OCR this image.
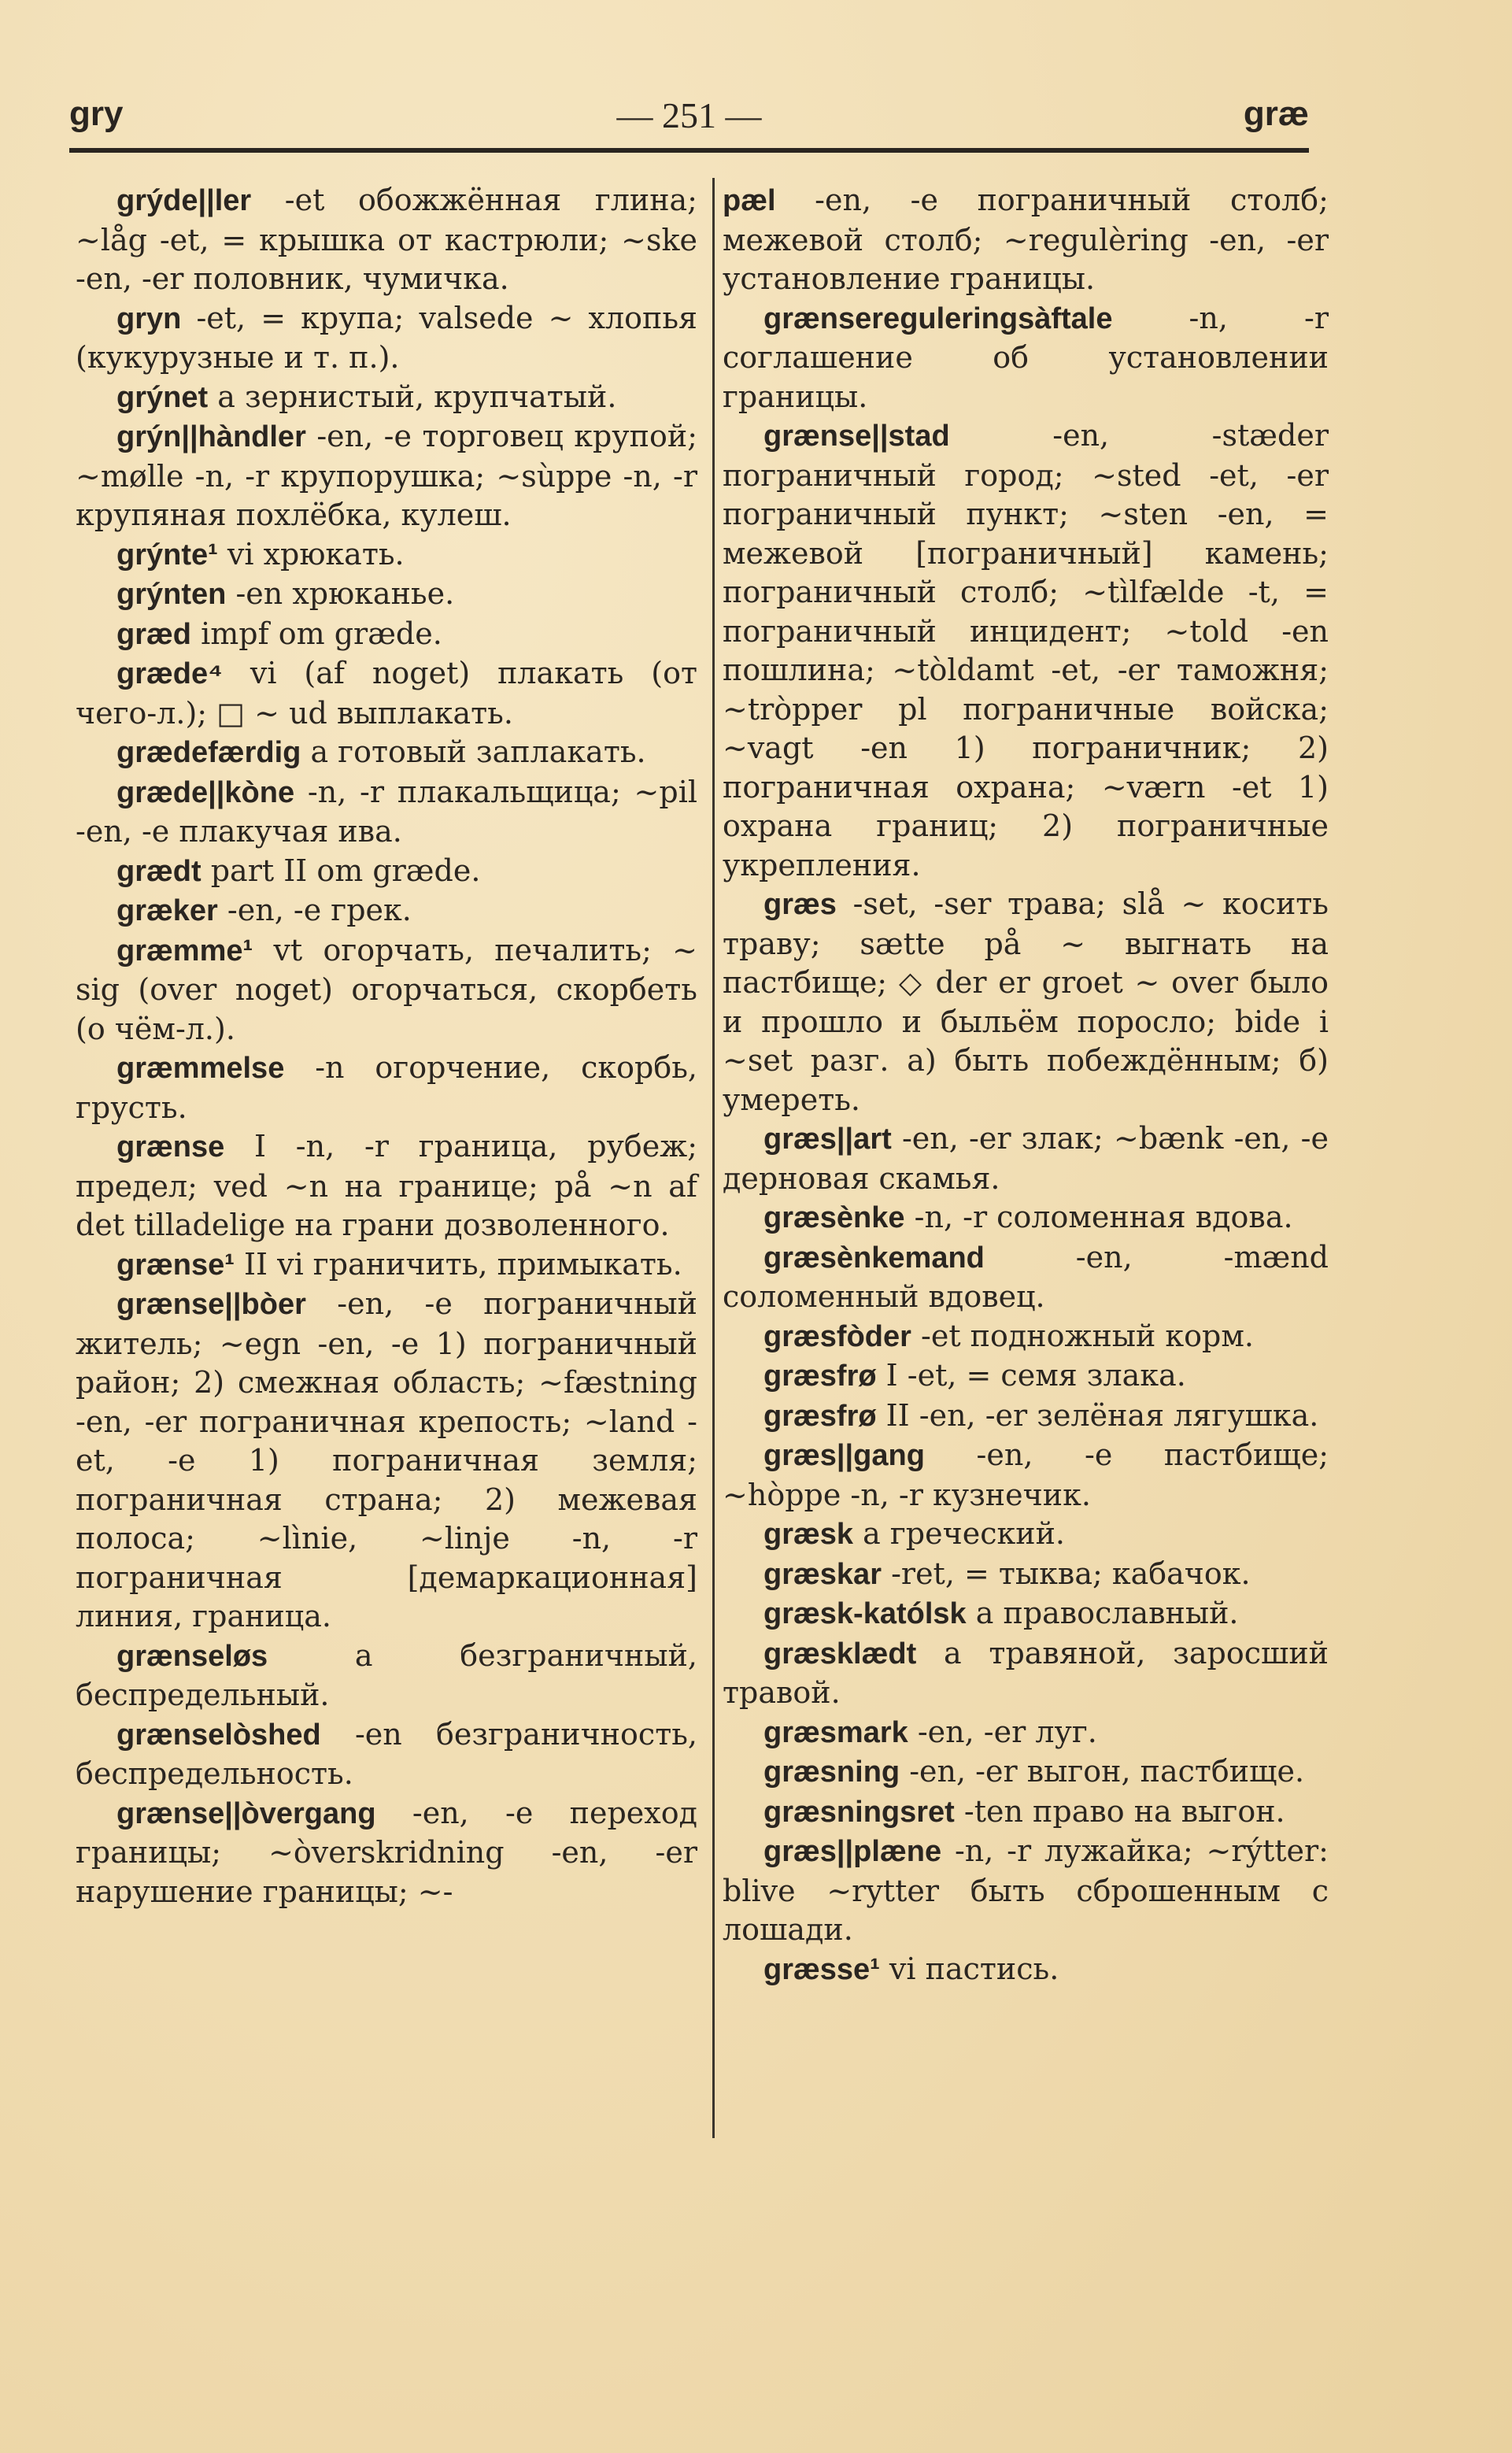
gry	— 251 —	græ

grýde||ler -et обожжённая глина; ~låg -et, = крышка от кастрюли; ~ske -en, -er половник, чумичка.

gryn -et, = крупа; valsede ~ хлопья (кукурузные и т. п.).

grýnet a зернистый, крупчатый.

grýn||hàndler -en, -e торговец крупой; ~mølle -n, -r крупорушка; ~sùppe -n, -r крупяная похлёбка, кулеш.

grýnte¹ vi хрюкать.

grýnten -en хрюканье.

græd impf om græde.

græde⁴ vi (af noget) плакать (от чего-л.); □ ~ ud выплакать.

grædefærdig a готовый заплакать.

græde||kòne -n, -r плакальщица; ~pil -en, -e плакучая ива.

grædt part II om græde.

græker -en, -e грек.

græmme¹ vt огорчать, печалить; ~ sig (over noget) огорчаться, скорбеть (о чём-л.).

græmmelse -n огорчение, скорбь, грусть.

grænse I -n, -r граница, рубеж; предел; ved ~n на границе; på ~n af det tilladelige на грани дозволенного.

grænse¹ II vi граничить, примыкать.

grænse||bòer -en, -e пограничный житель; ~egn -en, -e 1) пограничный район; 2) смежная область; ~fæstning -en, -er пограничная крепость; ~land -et, -e 1) пограничная земля; пограничная страна; 2) межевая полоса; ~lìnie, ~linje -n, -r пограничная [демаркационная] линия, граница.

grænseløs a безграничный, беспредельный.

grænselòshed -en безграничность, беспредельность.

grænse||òvergang -en, -e переход границы; ~òverskridning -en, -er нарушение границы; ~-

pæl -en, -e пограничный столб; межевой столб; ~regulèring -en, -er установление границы.

grænsereguleringsàftale -n, -r соглашение об установлении границы.

grænse||stad -en, -stæder пограничный город; ~sted -et, -er пограничный пункт; ~sten -en, = межевой [пограничный] камень; пограничный столб; ~tìlfælde -t, = пограничный инцидент; ~told -en пошлина; ~tòldamt -et, -er таможня; ~tròpper pl пограничные войска; ~vagt -en 1) пограничник; 2) пограничная охрана; ~værn -et 1) охрана границ; 2) пограничные укрепления.

græs -set, -ser трава; slå ~ косить траву; sætte på ~ выгнать на пастбище; ◇ der er groet ~ over было и прошло и быльём поросло; bide i ~set разг. а) быть побеждённым; б) умереть.

græs||art -en, -er злак; ~bænk -en, -e дерновая скамья.

græsènke -n, -r соломенная вдова.

græsènkemand -en, -mænd соломенный вдовец.

græsfòder -et подножный корм.

græsfrø I -et, = семя злака.

græsfrø II -en, -er зелёная лягушка.

græs||gang -en, -e пастбище; ~hòppe -n, -r кузнечик.

græsk a греческий.

græskar -ret, = тыква; кабачок.

græsk-katólsk a православный.

græsklædt a травяной, заросший травой.

græsmark -en, -er луг.

græsning -en, -er выгон, пастбище.

græsningsret -ten право на выгон.

græs||plæne -n, -r лужайка; ~rýtter: blive ~rytter быть сброшенным с лошади.

græsse¹ vi пастись.
